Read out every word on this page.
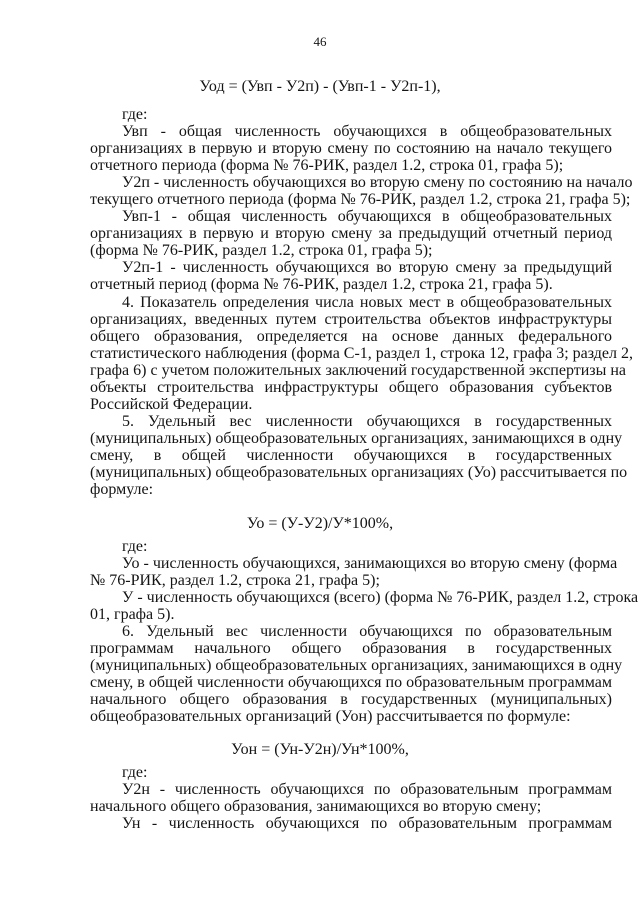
46
Уод = (Увп - У2п) - (Увп-1 - У2п-1),
где:
Увп - общая численность обучающихся в общеобразовательных
организациях в первую и вторую смену по состоянию на начало текущего
отчетного периода (форма № 76-РИК, раздел 1.2, строка 01, графа 5);
У2п - численность обучающихся во вторую смену по состоянию на начало
текущего отчетного периода (форма № 76-РИК, раздел 1.2, строка 21, графа 5);
Увп-1 - общая численность обучающихся в общеобразовательных
организациях в первую и вторую смену за предыдущий отчетный период
(форма № 76-РИК, раздел 1.2, строка 01, графа 5);
У2п-1 - численность обучающихся во вторую смену за предыдущий
отчетный период (форма № 76-РИК, раздел 1.2, строка 21, графа 5).
4. Показатель определения числа новых мест в общеобразовательных
организациях, введенных путем строительства объектов инфраструктуры
общего образования, определяется на основе данных федерального
статистического наблюдения (форма С-1, раздел 1, строка 12, графа 3; раздел 2,
графа 6) с учетом положительных заключений государственной экспертизы на
объекты строительства инфраструктуры общего образования субъектов
Российской Федерации.
5. Удельный вес численности обучающихся в государственных
(муниципальных) общеобразовательных организациях, занимающихся в одну
смену, в общей численности обучающихся в государственных
(муниципальных) общеобразовательных организациях (Уо) рассчитывается по
формуле:
Уо = (У-У2)/У*100%,
где:
Уо - численность обучающихся, занимающихся во вторую смену (форма
№ 76-РИК, раздел 1.2, строка 21, графа 5);
У - численность обучающихся (всего) (форма № 76-РИК, раздел 1.2, строка
01, графа 5).
6. Удельный вес численности обучающихся по образовательным
программам начального общего образования в государственных
(муниципальных) общеобразовательных организациях, занимающихся в одну
смену, в общей численности обучающихся по образовательным программам
начального общего образования в государственных (муниципальных)
общеобразовательных организаций (Уон) рассчитывается по формуле:
Уон = (Ун-У2н)/Ун*100%,
где:
У2н - численность обучающихся по образовательным программам
начального общего образования, занимающихся во вторую смену;
Ун - численность обучающихся по образовательным программам
